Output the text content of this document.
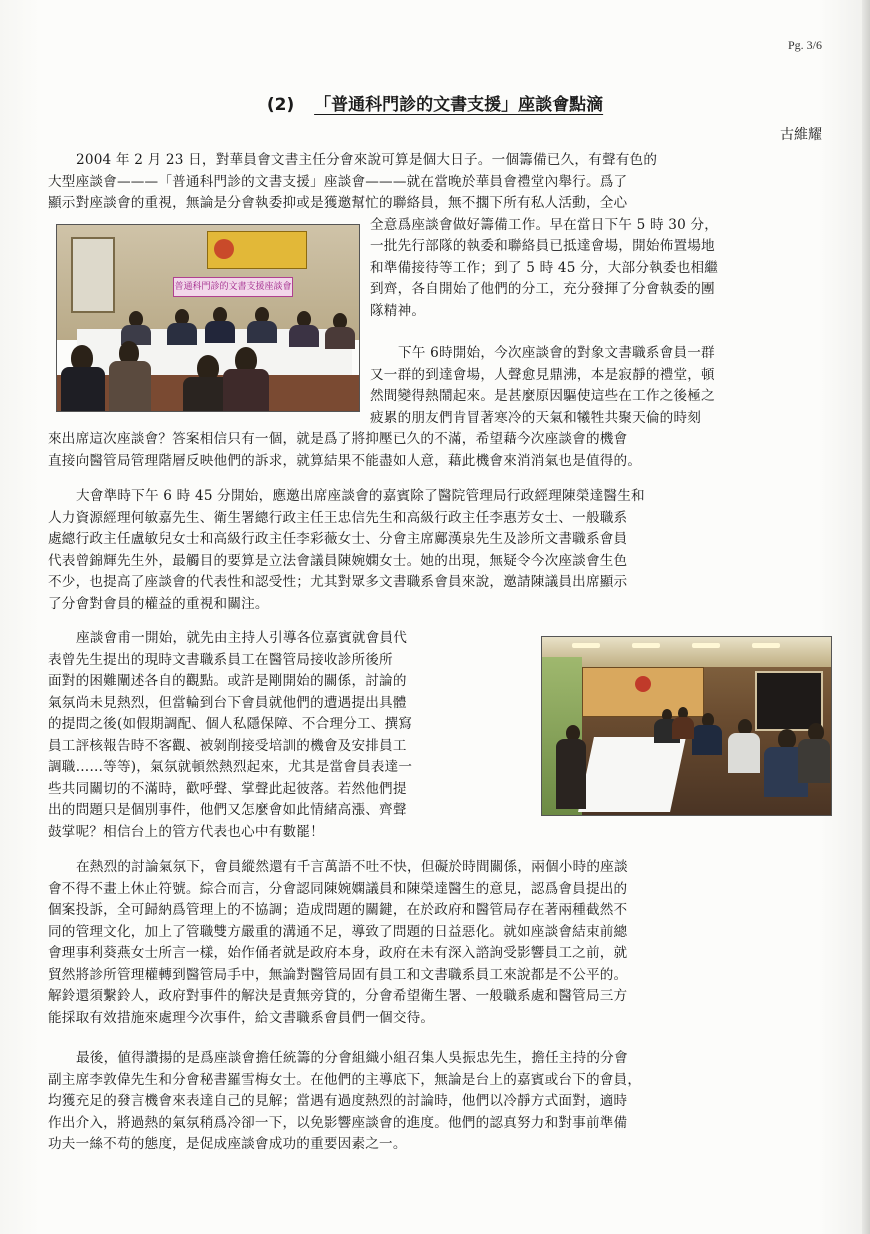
Pg. 3/6
(2) 「普通科門診的文書支援」座談會點滴
古維耀
2004 年 2 月 23 日，對華員會文書主任分會來說可算是個大日子。一個籌備已久，有聲有色的
大型座談會———「普通科門診的文書支援」座談會———就在當晚於華員會禮堂內舉行。爲了
顯示對座談會的重視，無論是分會執委抑或是獲邀幫忙的聯絡員，無不擱下所有私人活動，全心
全意爲座談會做好籌備工作。早在當日下午 5 時 30 分，
一批先行部隊的執委和聯絡員已抵達會場，開始佈置場地
和準備接待等工作；到了 5 時 45 分，大部分執委也相繼
到齊，各自開始了他們的分工，充分發揮了分會執委的團
隊精神。
普通科門診的文書支援座談會
下午 6時開始，今次座談會的對象文書職系會員一群
又一群的到達會場，人聲愈見鼎沸，本是寂靜的禮堂，頓
然間變得熱鬧起來。是甚麼原因驅使這些在工作之後極之
疲累的朋友們肯冒著寒冷的天氣和犧牲共聚天倫的時刻
來出席這次座談會？答案相信只有一個，就是爲了將抑壓已久的不滿，希望藉今次座談會的機會
直接向醫管局管理階層反映他們的訴求，就算結果不能盡如人意，藉此機會來消消氣也是值得的。
大會準時下午 6 時 45 分開始，應邀出席座談會的嘉賓除了醫院管理局行政經理陳榮達醫生和
人力資源經理何敏嘉先生、衛生署總行政主任王忠信先生和高級行政主任李惠芳女士、一般職系
處總行政主任盧敏兒女士和高級行政主任李彩薇女士、分會主席鄺漢泉先生及診所文書職系會員
代表曾錦輝先生外，最觸目的要算是立法會議員陳婉嫻女士。她的出現，無疑令今次座談會生色
不少，也提高了座談會的代表性和認受性；尤其對眾多文書職系會員來說，邀請陳議員出席顯示
了分會對會員的權益的重視和關注。
座談會甫一開始，就先由主持人引導各位嘉賓就會員代
表曾先生提出的現時文書職系員工在醫管局接收診所後所
面對的困難闡述各自的觀點。或許是剛開始的關係，討論的
氣氛尚未見熱烈，但當輪到台下會員就他們的遭遇提出具體
的提問之後(如假期調配、個人私隱保障、不合理分工、撰寫
員工評核報告時不客觀、被剝削接受培訓的機會及安排員工
調職……等等)，氣氛就頓然熱烈起來，尤其是當會員表達一
些共同關切的不滿時，歡呼聲、掌聲此起彼落。若然他們提
出的問題只是個別事件，他們又怎麼會如此情緒高漲、齊聲
鼓掌呢？相信台上的管方代表也心中有數罷！
在熱烈的討論氣氛下，會員縱然還有千言萬語不吐不快，但礙於時間關係，兩個小時的座談
會不得不畫上休止符號。綜合而言，分會認同陳婉嫻議員和陳榮達醫生的意見，認爲會員提出的
個案投訴，全可歸納爲管理上的不協調；造成問題的關鍵，在於政府和醫管局存在著兩種截然不
同的管理文化，加上了管職雙方嚴重的溝通不足，導致了問題的日益惡化。就如座談會結束前總
會理事利葵燕女士所言一樣，始作俑者就是政府本身，政府在未有深入諮詢受影響員工之前，就
貿然將診所管理權轉到醫管局手中，無論對醫管局固有員工和文書職系員工來說都是不公平的。
解鈴還須繫鈴人，政府對事件的解決是責無旁貸的，分會希望衛生署、一般職系處和醫管局三方
能採取有效措施來處理今次事件，給文書職系會員們一個交待。
最後，値得讚揚的是爲座談會擔任統籌的分會組織小組召集人吳振忠先生，擔任主持的分會
副主席李敦偉先生和分會秘書羅雪梅女士。在他們的主導底下，無論是台上的嘉賓或台下的會員，
均獲充足的發言機會來表達自己的見解；當遇有過度熱烈的討論時，他們以冷靜方式面對，適時
作出介入，將過熱的氣氛稍爲冷卻一下，以免影響座談會的進度。他們的認真努力和對事前準備
功夫一絲不苟的態度，是促成座談會成功的重要因素之一。
